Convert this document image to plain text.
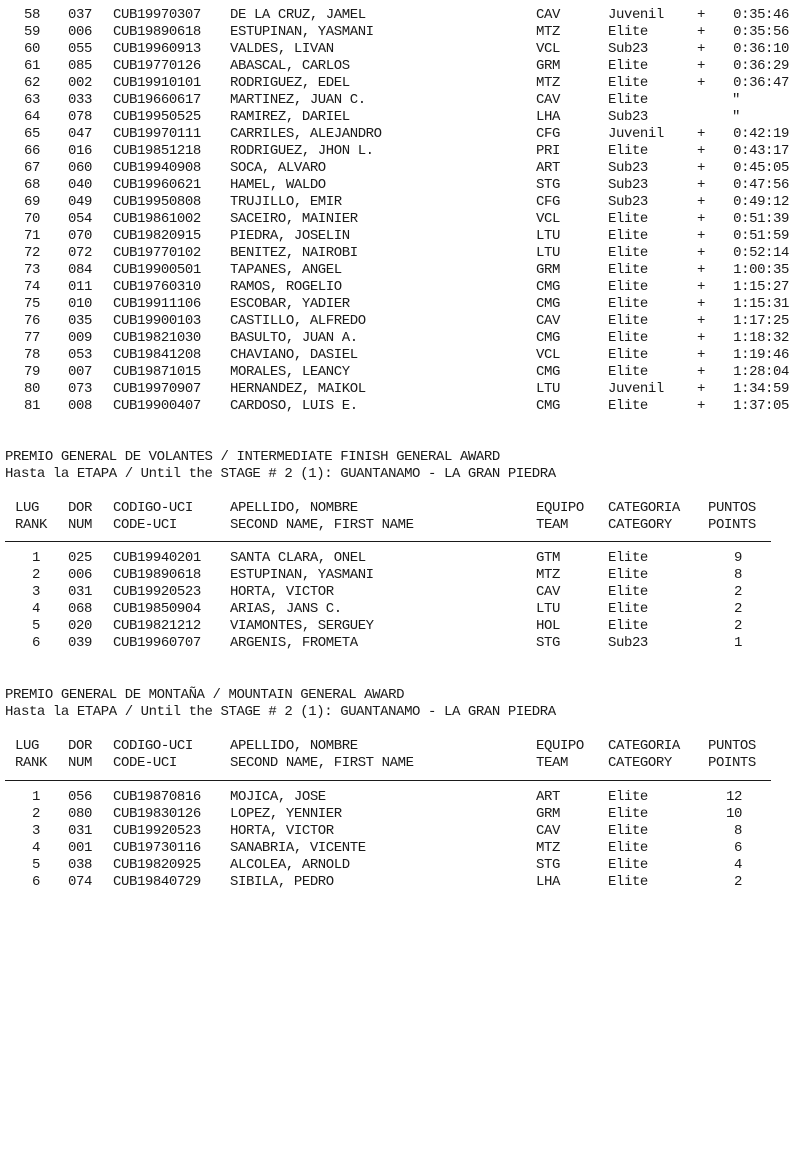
58 037 CUB19970307 DE LA CRUZ, JAMEL	CAV	Juvenil + 0:35:46
59 006 CUB19890618 ESTUPINAN, YASMANI	MTZ	Elite	+ 0:35:56
60 055 CUB19960913 VALDES, LIVAN	VCL	Sub23	+ 0:36:10
61 085 CUB19770126 ABASCAL, CARLOS	GRM	Elite	+ 0:36:29
62 002 CUB19910101 RODRIGUEZ, EDEL	MTZ	Elite	+ 0:36:47
63 033 CUB19660617 MARTINEZ, JUAN C.	CAV	Elite	"
64 078 CUB19950525 RAMIREZ, DARIEL	LHA	Sub23	"
65 047 CUB19970111 CARRILES, ALEJANDRO	CFG	Juvenil + 0:42:19
66 016 CUB19851218 RODRIGUEZ, JHON L.	PRI	Elite	+ 0:43:17
67 060 CUB19940908 SOCA, ALVARO	ART	Sub23	+ 0:45:05
68 040 CUB19960621 HAMEL, WALDO	STG	Sub23	+ 0:47:56
69 049 CUB19950808 TRUJILLO, EMIR	CFG	Sub23	+ 0:49:12
70 054 CUB19861002 SACEIRO, MAINIER	VCL	Elite	+ 0:51:39
71 070 CUB19820915 PIEDRA, JOSELIN	LTU	Elite	+ 0:51:59
72 072 CUB19770102 BENITEZ, NAIROBI	LTU	Elite	+ 0:52:14
73 084 CUB19900501 TAPANES, ANGEL	GRM	Elite	+ 1:00:35
74 011 CUB19760310 RAMOS, ROGELIO	CMG	Elite	+ 1:15:27
75 010 CUB19911106 ESCOBAR, YADIER	CMG	Elite	+ 1:15:31
76 035 CUB19900103 CASTILLO, ALFREDO	CAV	Elite	+ 1:17:25
77 009 CUB19821030 BASULTO, JUAN A.	CMG	Elite	+ 1:18:32
78 053 CUB19841208 CHAVIANO, DASIEL	VCL	Elite	+ 1:19:46
79 007 CUB19871015 MORALES, LEANCY	CMG	Elite	+ 1:28:04
80 073 CUB19970907 HERNANDEZ, MAIKOL	LTU	Juvenil + 1:34:59
81 008 CUB19900407 CARDOSO, LUIS E.	CMG	Elite	+ 1:37:05
PREMIO GENERAL DE VOLANTES / INTERMEDIATE FINISH GENERAL AWARD
Hasta la ETAPA / Until the STAGE # 2 (1): GUANTANAMO - LA GRAN PIEDRA
LUG DOR CODIGO-UCI	APELLIDO, NOMBRE	EQUIPO CATEGORIA PUNTOS
RANK NUM CODE-UCI	SECOND NAME, FIRST NAME	TEAM	CATEGORY	POINTS
1 025 CUB19940201 SANTA CLARA, ONEL	GTM	Elite	9
2 006 CUB19890618 ESTUPINAN, YASMANI	MTZ	Elite	8
3 031 CUB19920523 HORTA, VICTOR	CAV	Elite	2
4 068 CUB19850904 ARIAS, JANS C.	LTU	Elite	2
5 020 CUB19821212 VIAMONTES, SERGUEY	HOL	Elite	2
6 039 CUB19960707 ARGENIS, FROMETA	STG	Sub23	1
PREMIO GENERAL DE MONTAÑA / MOUNTAIN GENERAL AWARD
Hasta la ETAPA / Until the STAGE # 2 (1): GUANTANAMO - LA GRAN PIEDRA
LUG DOR CODIGO-UCI	APELLIDO, NOMBRE	EQUIPO CATEGORIA PUNTOS
RANK NUM CODE-UCI	SECOND NAME, FIRST NAME	TEAM	CATEGORY	POINTS
1 056 CUB19870816 MOJICA, JOSE	ART	Elite	12
2 080 CUB19830126 LOPEZ, YENNIER	GRM	Elite	10
3 031 CUB19920523 HORTA, VICTOR	CAV	Elite	8
4 001 CUB19730116 SANABRIA, VICENTE	MTZ	Elite	6
5 038 CUB19820925 ALCOLEA, ARNOLD	STG	Elite	4
6 074 CUB19840729 SIBILA, PEDRO	LHA	Elite	2
